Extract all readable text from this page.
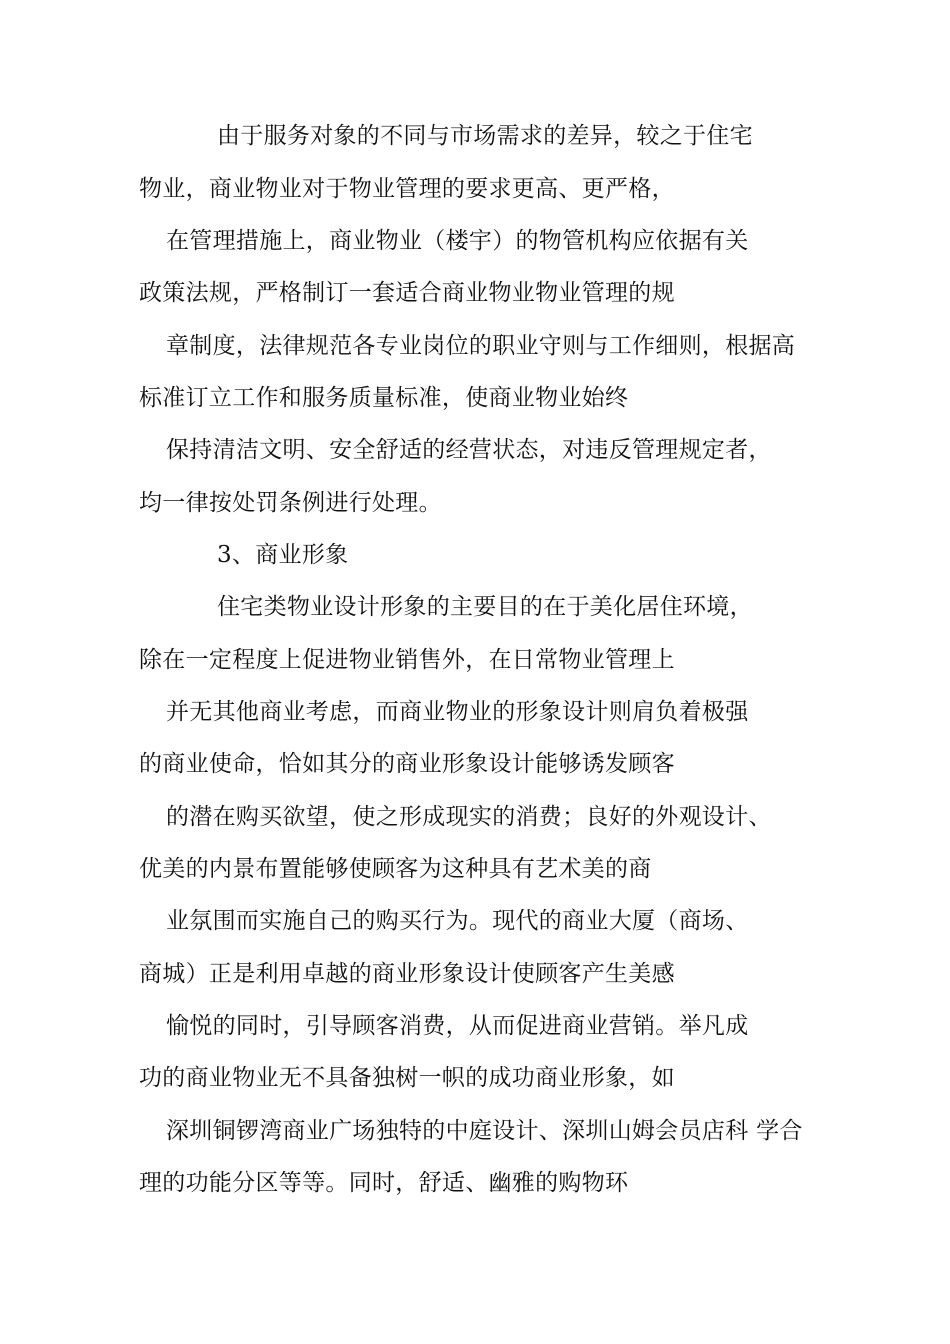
由于服务对象的不同与市场需求的差异，较之于住宅
物业，商业物业对于物业管理的要求更高、更严格，
在管理措施上，商业物业（楼宇）的物管机构应依据有关
政策法规，严格制订一套适合商业物业物业管理的规
章制度，法律规范各专业岗位的职业守则与工作细则，根据高
标准订立工作和服务质量标准，使商业物业始终
保持清洁文明、安全舒适的经营状态，对违反管理规定者，
均一律按处罚条例进行处理。
3、商业形象
住宅类物业设计形象的主要目的在于美化居住环境，
除在一定程度上促进物业销售外，在日常物业管理上
并无其他商业考虑，而商业物业的形象设计则肩负着极强
的商业使命，恰如其分的商业形象设计能够诱发顾客
的潜在购买欲望，使之形成现实的消费；良好的外观设计、
优美的内景布置能够使顾客为这种具有艺术美的商
业氛围而实施自己的购买行为。现代的商业大厦（商场、
商城）正是利用卓越的商业形象设计使顾客产生美感
愉悦的同时，引导顾客消费，从而促进商业营销。举凡成
功的商业物业无不具备独树一帜的成功商业形象，如
深圳铜锣湾商业广场独特的中庭设计、深圳山姆会员店科 学合
理的功能分区等等。同时，舒适、幽雅的购物环
